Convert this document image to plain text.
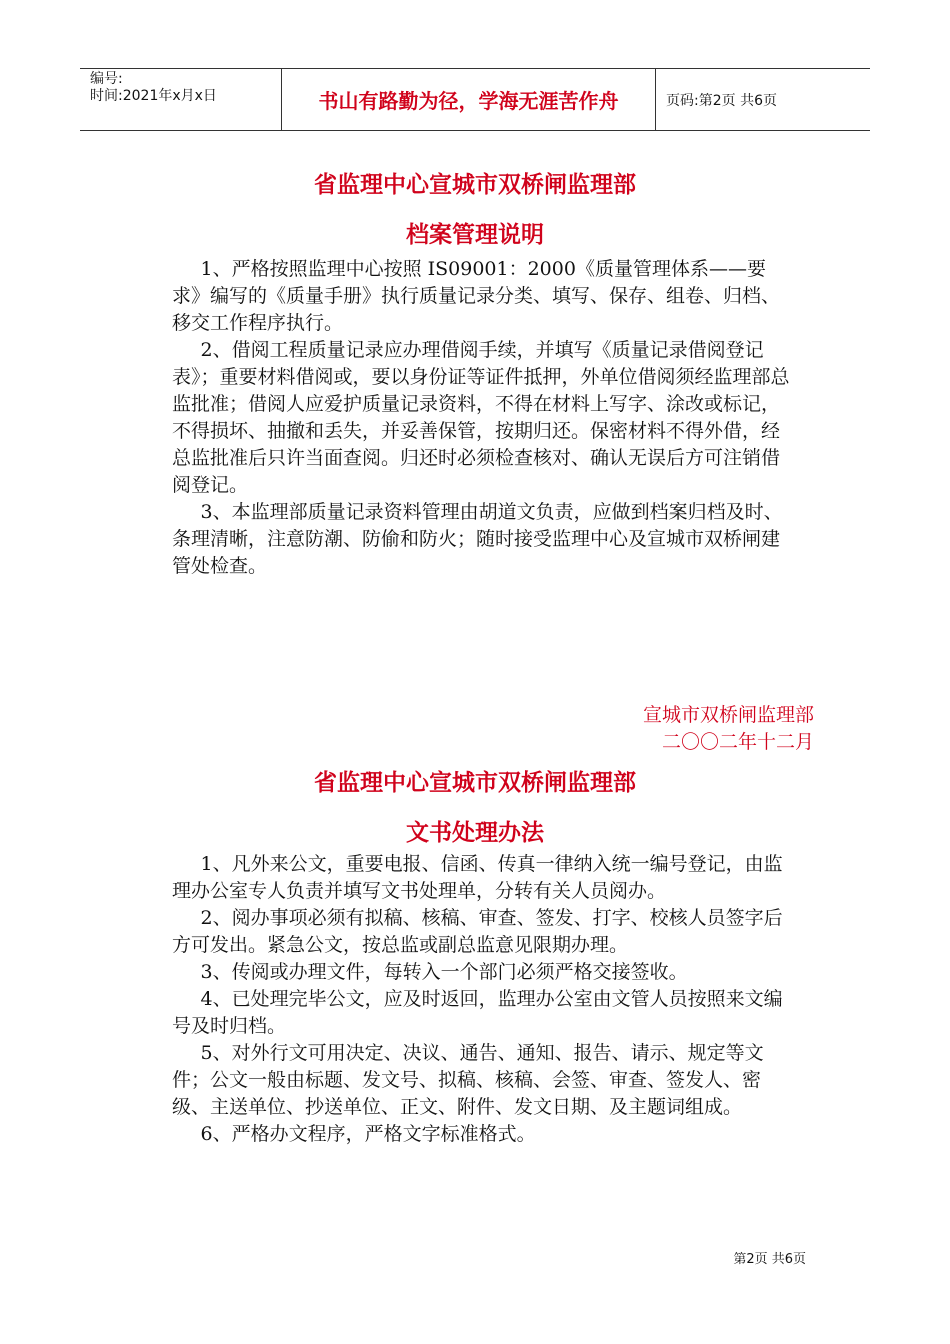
编号:
时间:2021年x月x日	书山有路勤为径，学海无涯苦作舟	页码:第2页 共6页
省监理中心宣城市双桥闸监理部
档案管理说明

1、严格按照监理中心按照 IS09001：2000《质量管理体系——要求》编写的《质量手册》执行质量记录分类、填写、保存、组卷、归档、移交工作程序执行。

2、借阅工程质量记录应办理借阅手续，并填写《质量记录借阅登记表》；重要材料借阅或，要以身份证等证件抵押，外单位借阅须经监理部总监批准；借阅人应爱护质量记录资料，不得在材料上写字、涂改或标记，不得损坏、抽撤和丢失，并妥善保管，按期归还。保密材料不得外借，经总监批准后只许当面查阅。归还时必须检查核对、确认无误后方可注销借阅登记。

3、本监理部质量记录资料管理由胡道文负责，应做到档案归档及时、条理清晰，注意防潮、防偷和防火；随时接受监理中心及宣城市双桥闸建管处检查。

宣城市双桥闸监理部
二〇〇二年十二月
省监理中心宣城市双桥闸监理部
文书处理办法

1、凡外来公文，重要电报、信函、传真一律纳入统一编号登记，由监理办公室专人负责并填写文书处理单，分转有关人员阅办。

2、阅办事项必须有拟稿、核稿、审查、签发、打字、校核人员签字后方可发出。紧急公文，按总监或副总监意见限期办理。

3、传阅或办理文件，每转入一个部门必须严格交接签收。

4、已处理完毕公文，应及时返回，监理办公室由文管人员按照来文编号及时归档。

5、对外行文可用决定、决议、通告、通知、报告、请示、规定等文件；公文一般由标题、发文号、拟稿、核稿、会签、审查、签发人、密级、主送单位、抄送单位、正文、附件、发文日期、及主题词组成。

6、严格办文程序，严格文字标准格式。

第2页 共6页
